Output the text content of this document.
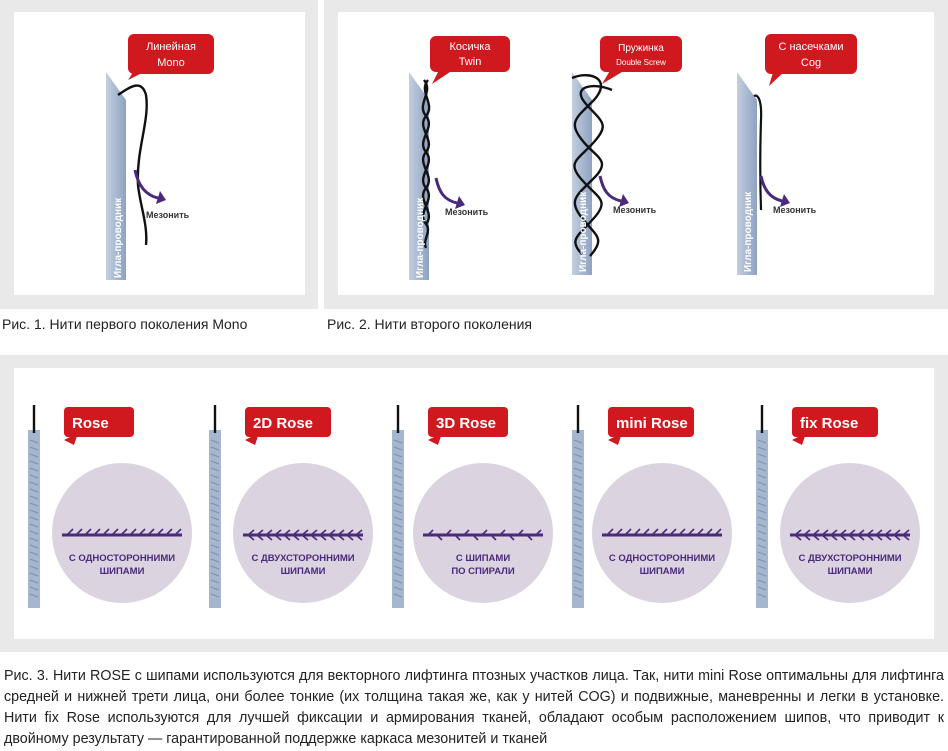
Игла-проводник Мезонить
Линейная
Mono
Рис. 1. Нити первого поколения Mono
Игла-проводник Мезонить
Косичка
Twin
Игла-проводник	Мезонить
Пружинка
Double Screw
Игла-проводник Мезонить
С насечками
Cog
Рис. 2. Нити второго поколения
Rose
С ОДНОСТОРОННИМИ
ШИПАМИ
2D Rose
С ДВУХСТОРОННИМИ
ШИПАМИ
3D Rose
С ШИПАМИ
ПО СПИРАЛИ
mini Rose
С ОДНОСТОРОННИМИ
ШИПАМИ
fix Rose
С ДВУХСТОРОННИМИ
ШИПАМИ
Рис. 3. Нити ROSE с шипами используются для векторного лифтинга птозных участков лица. Так, нити mini Rose оптимальны для лифтинга средней и нижней трети лица, они более тонкие (их толщина такая же, как у нитей COG) и подвижные, маневренны и легки в установке. Нити fix Rose используются для лучшей фиксации и армирования тканей, обладают особым расположением шипов, что приводит к двойному результату — гарантированной поддержке каркаса мезонитей и тканей
